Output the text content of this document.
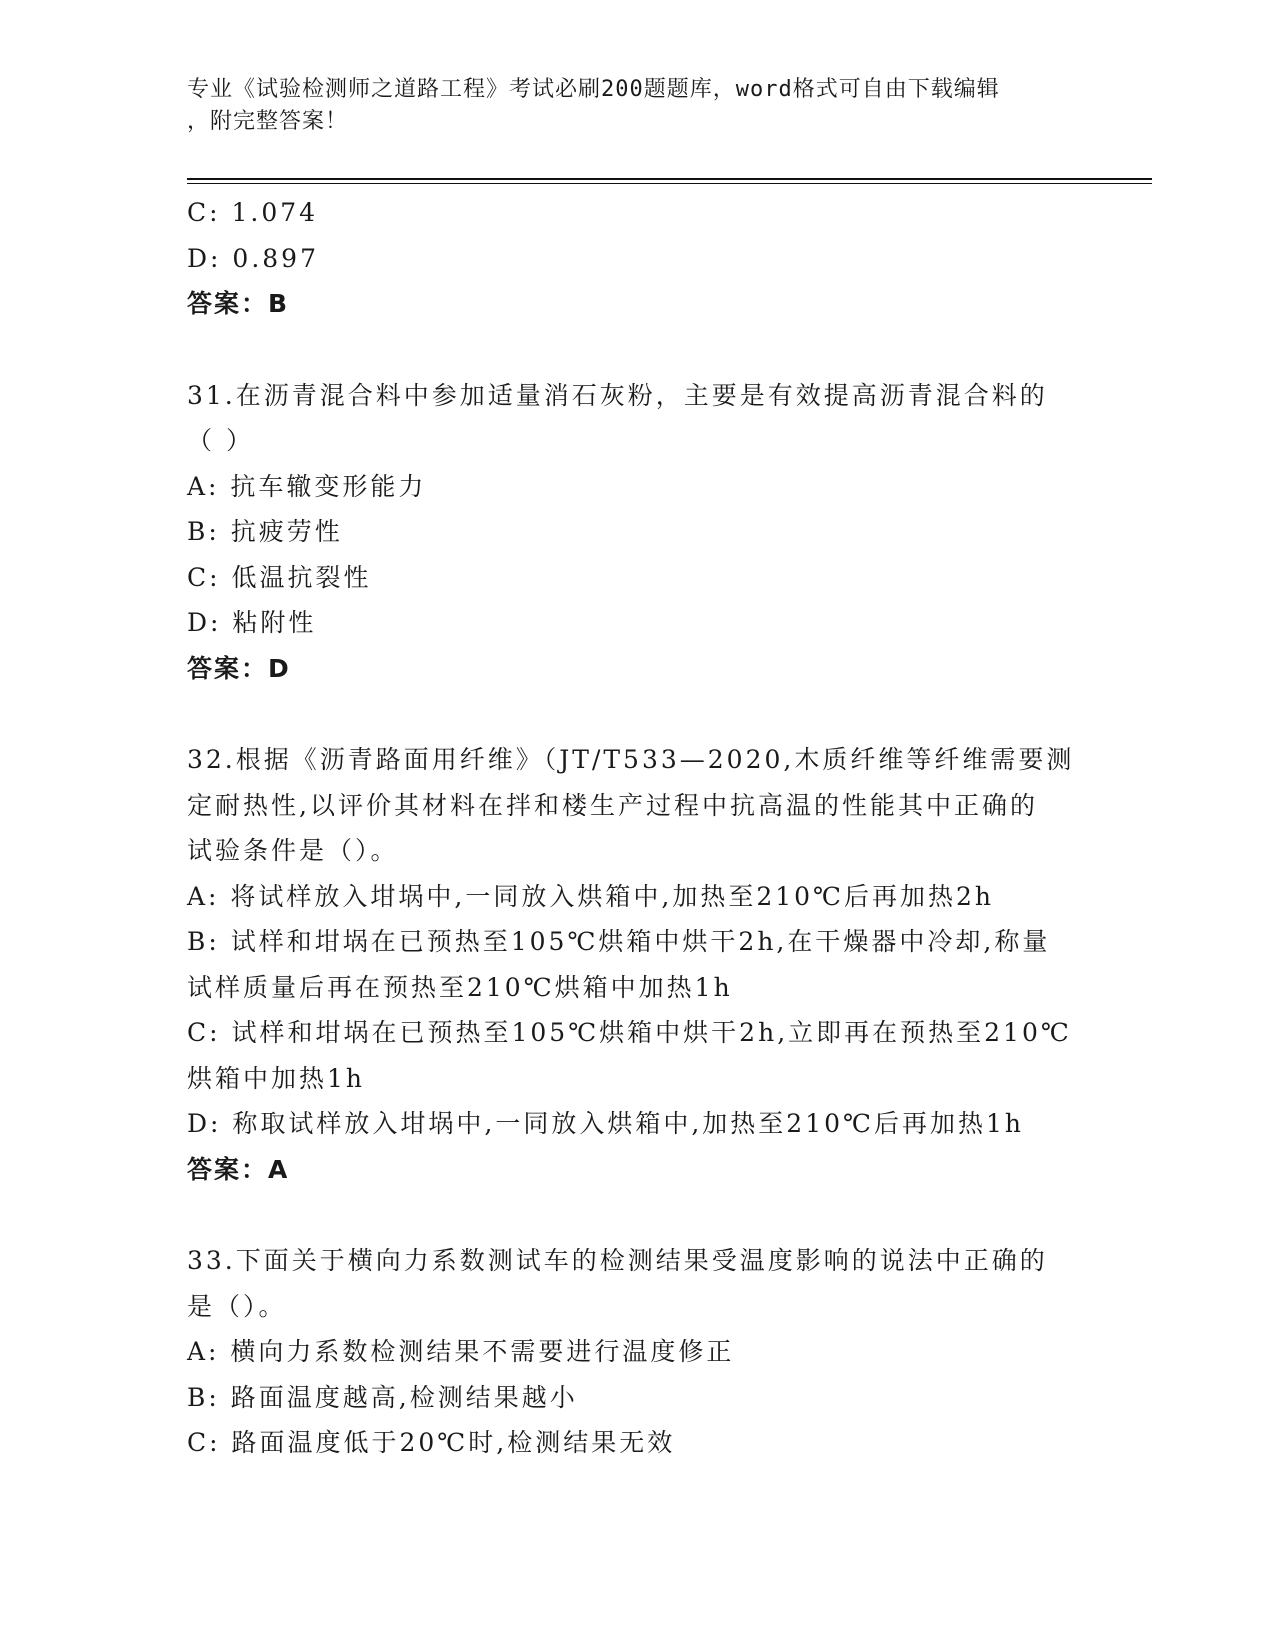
专业《试验检测师之道路工程》考试必刷200题题库，word格式可自由下载编辑

，附完整答案！

C: 1.074

D: 0.897

答案：B

31.在沥青混合料中参加适量消石灰粉，主要是有效提高沥青混合料的

（ ）

A: 抗车辙变形能力

B: 抗疲劳性

C: 低温抗裂性

D: 粘附性

答案：D

32.根据《沥青路面用纤维》（JT/T533—2020,木质纤维等纤维需要测

定耐热性,以评价其材料在拌和楼生产过程中抗高温的性能其中正确的

试验条件是（）。

A: 将试样放入坩埚中,一同放入烘箱中,加热至210℃后再加热2h

B: 试样和坩埚在已预热至105℃烘箱中烘干2h,在干燥器中冷却,称量

试样质量后再在预热至210℃烘箱中加热1h

C: 试样和坩埚在已预热至105℃烘箱中烘干2h,立即再在预热至210℃

烘箱中加热1h

D: 称取试样放入坩埚中,一同放入烘箱中,加热至210℃后再加热1h

答案：A

33.下面关于横向力系数测试车的检测结果受温度影响的说法中正确的

是（）。

A: 横向力系数检测结果不需要进行温度修正

B: 路面温度越高,检测结果越小

C: 路面温度低于20℃时,检测结果无效
